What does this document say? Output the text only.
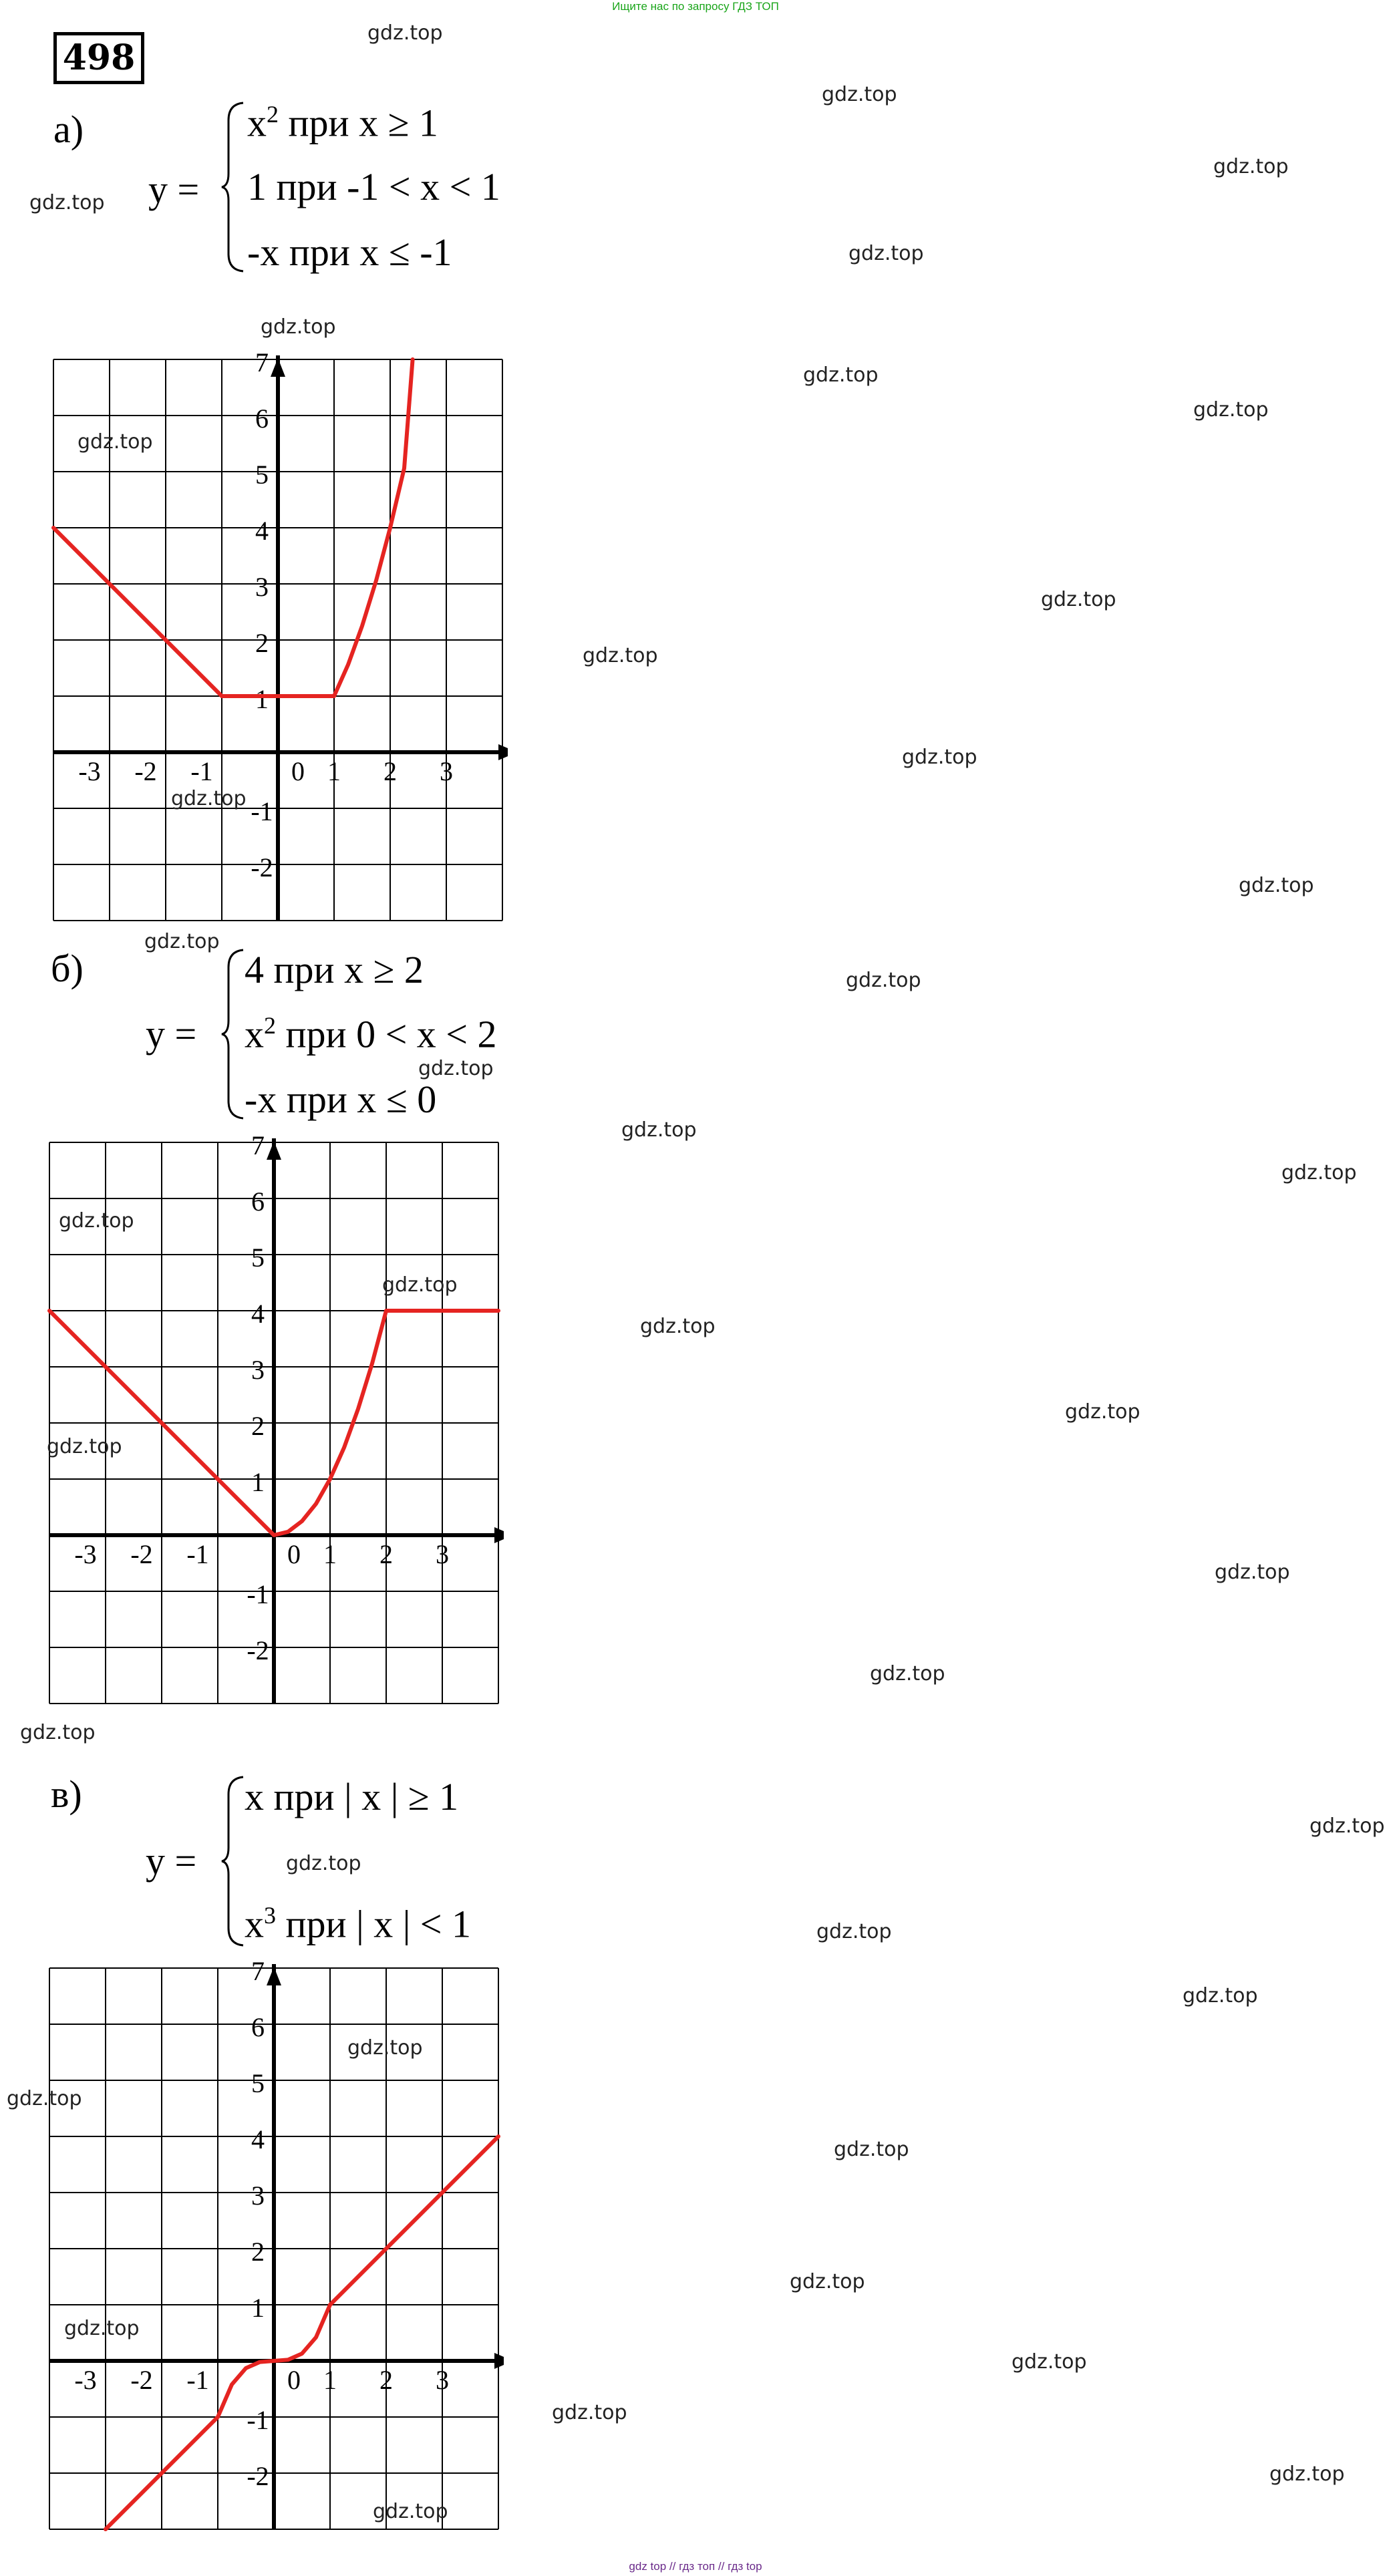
Ищите нас по запросу ГДЗ ТОП
498
а)
y =
$x^2$ при x ≥ 1
1 при -1 < x < 1
-x при x ≤ -1
б)
y =
4 при x ≥ 2
$x^2$ при 0 < x < 2
-x при x ≤ 0
в)
y =
x при | x | ≥ 1
$x^3$ при | x | < 1
-3 -2 -1	0 1 2 3
7
6
5
4
3
2
1
-1
-2
-3 -2 -1	0 1 2 3
7
6
5
4
3
2
1
-1
-2
-3 -2 -1	0 1 2 3
7
6
5
4
3
2
1
-1
-2
gdz.top
gdz.top
gdz.top
gdz.top
gdz.top
gdz.top
gdz.top
gdz.top
gdz.top
gdz.top
gdz.top
gdz.top
gdz.top
gdz.top
gdz.top
gdz.top
gdz.top
gdz.top
gdz.top
gdz.top
gdz.top
gdz.top
gdz.top
gdz.top
gdz.top
gdz.top
gdz.top
gdz.top
gdz.top
gdz.top
gdz.top
gdz.top
gdz.top
gdz.top
gdz.top
gdz.top
gdz.top
gdz.top
gdz.top
gdz.top
gdz top // гдз топ // гдз top
